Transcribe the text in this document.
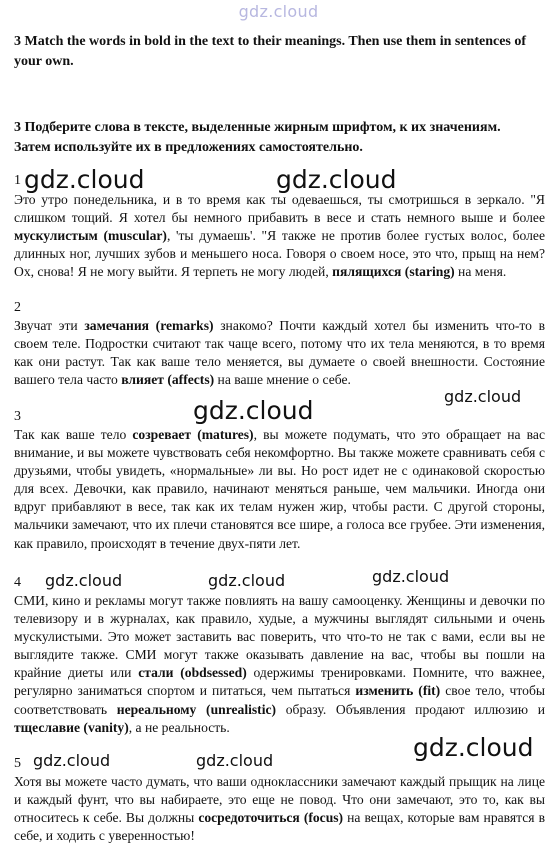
gdz.cloud
3 Match the words in bold in the text to their meanings. Then use them in sentences of your own.
3 Подберите слова в тексте, выделенные жирным шрифтом, к их значениям. Затем используйте их в предложениях самостоятельно.
1
Это утро понедельника, и в то время как ты одеваешься, ты смотришься в зеркало. "Я слишком тощий. Я хотел бы немного прибавить в весе и стать немного выше и более мускулистым (muscular), 'ты думаешь'. "Я также не против более густых волос, более длинных ног, лучших зубов и меньшего носа. Говоря о своем носе, это что, прыщ на нем? Ох, снова! Я не могу выйти. Я терпеть не могу людей, пялящихся (staring) на меня.
2
Звучат эти замечания (remarks) знакомо? Почти каждый хотел бы изменить что-то в своем теле. Подростки считают так чаще всего, потому что их тела меняются, в то время как они растут. Так как ваше тело меняется, вы думаете о своей внешности. Состояние вашего тела часто влияет (affects) на ваше мнение о себе.
3
Так как ваше тело созревает (matures), вы можете подумать, что это обращает на вас внимание, и вы можете чувствовать себя некомфортно. Вы также можете сравнивать себя с друзьями, чтобы увидеть, «нормальные» ли вы. Но рост идет не с одинаковой скоростью для всех. Девочки, как правило, начинают меняться раньше, чем мальчики. Иногда они вдруг прибавляют в весе, так как их телам нужен жир, чтобы расти. С другой стороны, мальчики замечают, что их плечи становятся все шире, а голоса все грубее. Эти изменения, как правило, происходят в течение двух-пяти лет.
4
СМИ, кино и рекламы могут также повлиять на вашу самооценку. Женщины и девочки по телевизору и в журналах, как правило, худые, а мужчины выглядят сильными и очень мускулистыми. Это может заставить вас поверить, что что-то не так с вами, если вы не выглядите также. СМИ могут также оказывать давление на вас, чтобы вы пошли на крайние диеты или стали (obdsessed) одержимы тренировками. Помните, что важнее, регулярно заниматься спортом и питаться, чем пытаться изменить (fit) свое тело, чтобы соответствовать нереальному (unrealistic) образу. Объявления продают иллюзию и тщеславие (vanity), а не реальность.
5
Хотя вы можете часто думать, что ваши одноклассники замечают каждый прыщик на лице и каждый фунт, что вы набираете, это еще не повод. Что они замечают, это то, как вы относитесь к себе. Вы должны сосредоточиться (focus) на вещах, которые вам нравятся в себе, и ходить с уверенностью!
gdz.cloud	gdz.cloud
gdz.cloud	gdz.cloud
gdz.cloud	gdz.cloud	gdz.cloud
gdz.cloud
gdz.cloud	gdz.cloud
